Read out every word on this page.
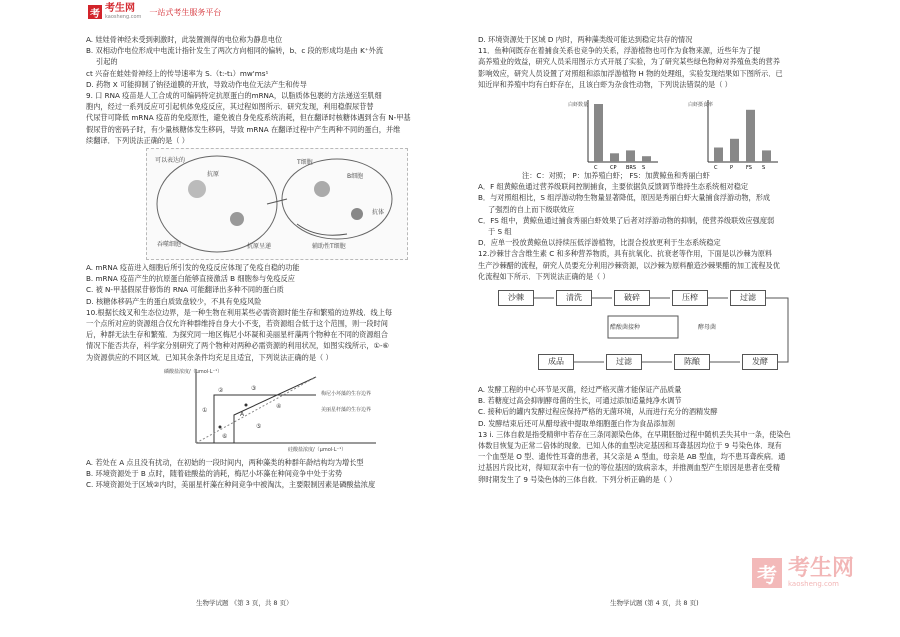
考 考生网
kaosheng.com
一站式考生服务平台

A. 娃娃骨神经未受到刺激时，此装置测得的电位称为静息电位

B. 双相动作电位形成中电流计指针发生了两次方向相同的偏转，b、c 段的形成均是由 K⁺外流

引起的

ct 兴奋在蛙娃骨神经上的传导速率为 S.（t:-t₁）mw'ms¹

D. 药物 X 可能抑制了钠径道膜的开放，导致动作电位无法产生和传导

9. 口 RNA 疫苗是人工合成的可编码特定抗原蛋白的mRNA，以脂质体包裹的方法递送至肌细

胞内，经过一系列反应可引起机体免疫反应，其过程如图所示．研究发现，利用稳假尿苷替

代尿苷可降低 mRNA 疫苗的免疫原性，避免被自身免疫系统消耗，但在翻译时核糖体遇到含有 N-甲基

假尿苷的密码子时，有少量核糖体发生移码，导致 mRNA 在翻译过程中产生两种不同的蛋白，并维

续翻译．下列说法正确的是（ ）

可以表达的
抗原
T细胞
B细胞
抗体
吞噬细胞	抗原呈递	辅助性T细胞

A. mRNA 疫苗进入细胞后所引发的免疫反应体现了免疫自稳的功能

B. mRNA 疫苗产生的抗原蛋白能够直接激活 B 细胞参与免疫反应

C. 被 N-甲基假尿苷修饰的 RNA 可能翻译出多种不同的蛋白质

D. 核糖体移码产生的蛋白质致盘较少，不具有免疫风险

10.根据长线叉和生态位边界，是一种生物在利用某些必需资源时能生存和繁殖的边界线．线上每

一个点所对应的资源组合仅允许种群维持自身大小不变，若资源组合低于这个范围，则一段时间

后，种群无法生存和繁殖．为探究同一地区梅尼小坏凝和美丽星杆藻两个物种在不同的资源组合

情况下能否共存，科学家分别研究了两个物种对两种必需资源的利用状况，如图实线所示，①-⑥

为资源供应的不同区域．已知其余条件均充足且适宜，下列说法正确的是（ ）

梅尼小坏藻的生存边界
美丽星杆藻的生存边界
①
②	③
④
⑤
⑥
A
硅酸盐浓度/（μmol·L⁻¹）
磷酸盐浓度/（μmol·L⁻¹）

A. 若处在 A 点且没有扰动，在初始的一段时间内，两种藻类的种群年龄结构均为增长型

B. 环境资源处于 B 点时，随着硅酸盐的消耗，梅尼小坏藻在种间竞争中处于劣势

C. 环境资源处于区域②内时，美丽星杆藻在种间竞争中被淘汰，主要限制因素是磷酸盐浓度

生物学试题 《第 3 页，共 8 页）

D. 环境资源处于区域 D 内时，两种藻类级可能达到稳定共存的情况

11．鱼种间既存在着捕食关系也竞争的关系，浮游植物也可作为食物来源，近些年为了提

高养殖业的效益，研究人员采用图示方式开展了实验，为了研究某些绿色物种对养殖鱼类的营养

影响效应，研究人员设置了对照组和添加浮游植物 H 物的处理组，实验发现结果如下图所示．已

知近岸和养殖中均有白虾存在，且该白虾为杂食性动物，下列说法错误的是（ ）

C	CP BRS S	C	P	FS S
白虾数量	白虾摄食率

注：C：对照； P：加养殖白虾； FS：加黄鲸鱼和秀丽白虾

A．F 组黄鲸鱼通过营养级联间控制捕食，主要依据负反馈调节维持生态系统相对稳定

B．与对照组相比，S 组浮游动物生物量显著降低，原因是秀丽白虾大量捕食浮游动物，形成

了强烈的自上而下级联效应

C．FS 组中，黄鲸鱼通过捕食秀丽白虾效果了后者对浮游动物的抑制，使营养级联效应强度弱

于 S 组

D．应单一投放黄鲸鱼以持续压低浮游植物，比混合投放更利于生态系统稳定

12.沙棘甘含含维生素 C 和多种营养物质，具有抗氧化、抗衰老等作用，下面是以沙棘为原料

生产沙棘醋的流程，研究人员要充分利用沙棘资源，以沙棘为原料酿造沙棘果醋的加工流程及优

化流程如下所示．下列说法正确的是（ ）

沙棘	清洗	破碎	压榨	过滤
成品	过滤	陈酿	发酵
醋酸菌接种	酵母菌

A. 发酵工程的中心环节是灭菌，经过严格灭菌才能保证产品质量

B. 若糖度过高会抑制酵母菌的生长，可通过添加适量纯净水调节

C. 接种后的罐内发酵过程应保持严格的无菌环境，从而进行充分的酒精发酵

D. 发酵结束后还可从醋母液中提取单细胞蛋白作为食品添加剂

13 i. 三体自救是指受精卵中若存在三条同源染色体，在早期胚胎过程中随机丢失其中一条，使染色

体数目恢复为正常二倍体的现象．已知人体的血型决定基因和耳聋基因均位于 9 号染色体．现有

一个血型是 O 型、遗传性耳聋的患者，其父亲是 A 型血，母亲是 AB 型血，均不患耳聋疾病．通

过基因片段比对，得知双亲中有一位的等位基因的致病亲本，并推测血型产生原因是患者在受精

卵时期发生了 9 号染色体的三体自救．下列分析正确的是（ ）

生物学试题 (第 4 页，共 8 页)
考 考生网
kaosheng.com
